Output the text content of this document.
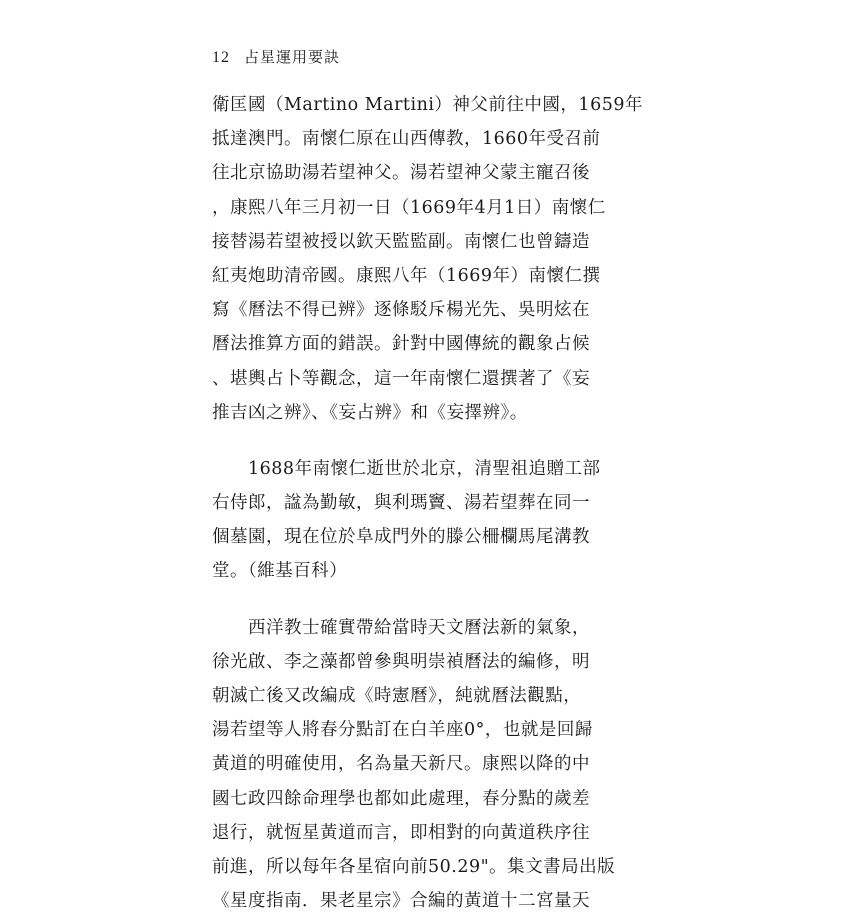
12 占星運用要訣
衛匡國（Martino Martini）神父前往中國，1659年
抵達澳門。南懷仁原在山西傳教，1660年受召前
往北京協助湯若望神父。湯若望神父蒙主寵召後
，康熙八年三月初一日（1669年4月1日）南懷仁
接替湯若望被授以欽天監監副。南懷仁也曾鑄造
紅夷炮助清帝國。康熙八年（1669年）南懷仁撰
寫《曆法不得已辨》逐條駁斥楊光先、吳明炫在
曆法推算方面的錯誤。針對中國傳統的觀象占候
、堪輿占卜等觀念，這一年南懷仁還撰著了《妄
推吉凶之辨》、《妄占辨》和《妄擇辨》。
1688年南懷仁逝世於北京，清聖祖追贈工部
右侍郎，諡為勤敏，與利瑪竇、湯若望葬在同一
個墓園，現在位於阜成門外的滕公柵欄馬尾溝教
堂。（維基百科）
西洋教士確實帶給當時天文曆法新的氣象，
徐光啟、李之藻都曾參與明崇禎曆法的編修，明
朝滅亡後又改編成《時憲曆》，純就曆法觀點，
湯若望等人將春分點訂在白羊座0°，也就是回歸
黃道的明確使用，名為量天新尺。康熙以降的中
國七政四餘命理學也都如此處理，春分點的歲差
退行，就恆星黃道而言，即相對的向黃道秩序往
前進，所以每年各星宿向前50.29"。集文書局出版
《星度指南．果老星宗》合編的黃道十二宮量天
